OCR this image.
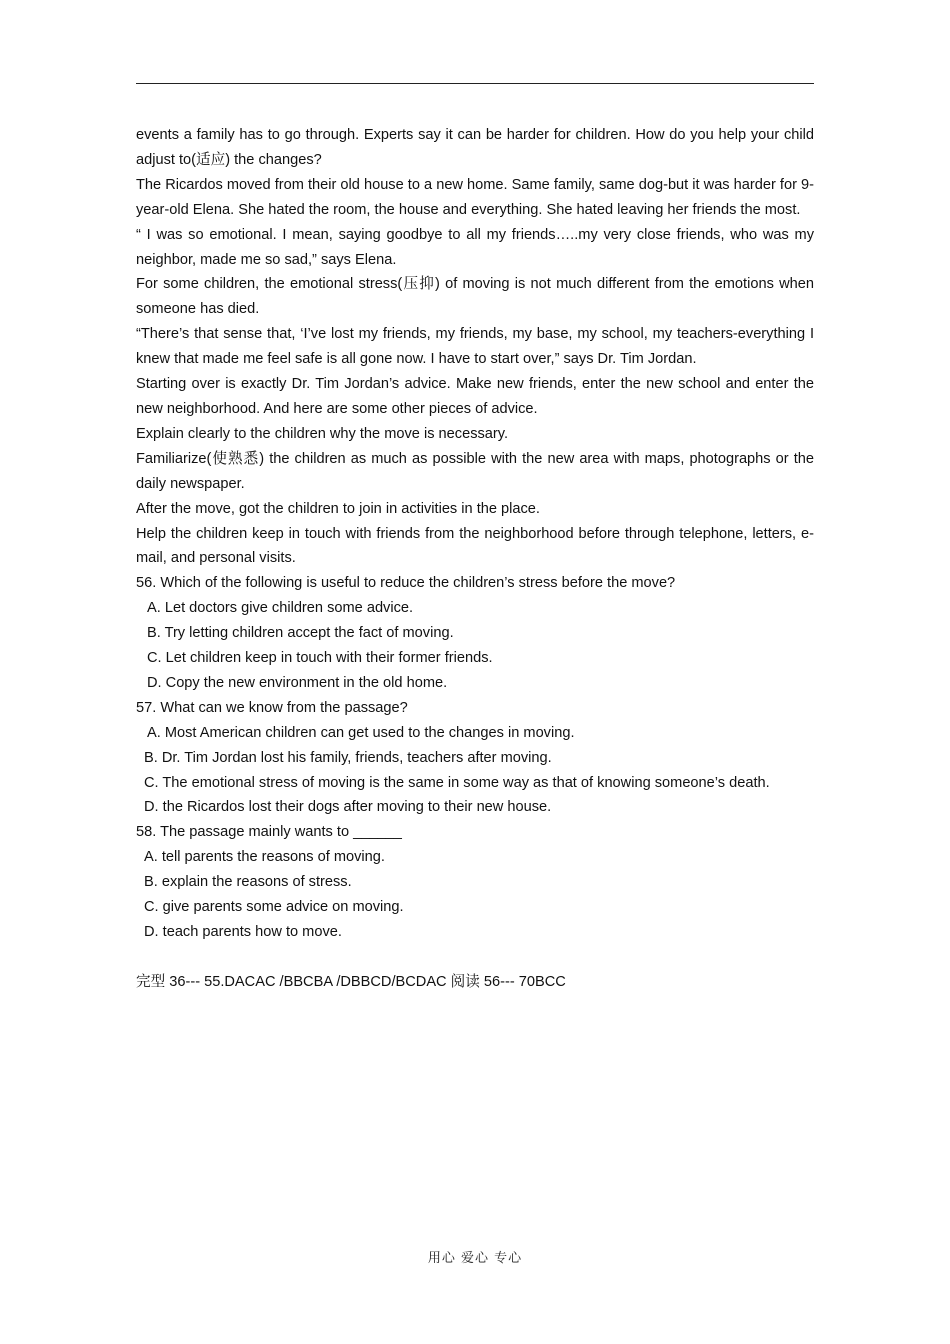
events a family has to go through. Experts say it can be harder for children. How do you help your child adjust to(适应) the changes?

The Ricardos moved from their old house to a new home. Same family, same dog-but it was harder for 9-year-old Elena. She hated the room, the house and everything. She hated leaving her friends the most.

“ I was so emotional. I mean, saying goodbye to all my friends…..my very close friends, who was my neighbor, made me so sad,” says Elena.

For some children, the emotional stress(压抑) of moving is not much different from the emotions when someone has died.

“There’s that sense that, ‘I’ve lost my friends, my friends, my base, my school, my teachers-everything I knew that made me feel safe is all gone now. I have to start over,” says Dr. Tim Jordan.

Starting over is exactly Dr. Tim Jordan’s advice. Make new friends, enter the new school and enter the new neighborhood. And here are some other pieces of advice.

Explain clearly to the children why the move is necessary.

Familiarize(使熟悉) the children as much as possible with the new area with maps, photographs or the daily newspaper.

After the move, got the children to join in activities in the place.

Help the children keep in touch with friends from the neighborhood before through telephone, letters, e-mail, and personal visits.

56. Which of the following is useful to reduce the children’s stress before the move?

A. Let doctors give children some advice.

B. Try letting children accept the fact of moving.

C. Let children keep in touch with their former friends.

D. Copy the new environment in the old home.

57. What can we know from the passage?

A. Most American children can get used to the changes in moving.

B. Dr. Tim Jordan lost his family, friends, teachers after moving.

C. The emotional stress of moving is the same in some way as that of knowing someone’s death.

D. the Ricardos lost their dogs after moving to their new house.

58. The passage mainly wants to ______

A. tell parents the reasons of moving.

B. explain the reasons of stress.

C. give parents some advice on moving.

D. teach parents how to move.

完型 36--- 55.DACAC /BBCBA /DBBCD/BCDAC 阅读 56--- 70BCC

用心 爱心 专心
